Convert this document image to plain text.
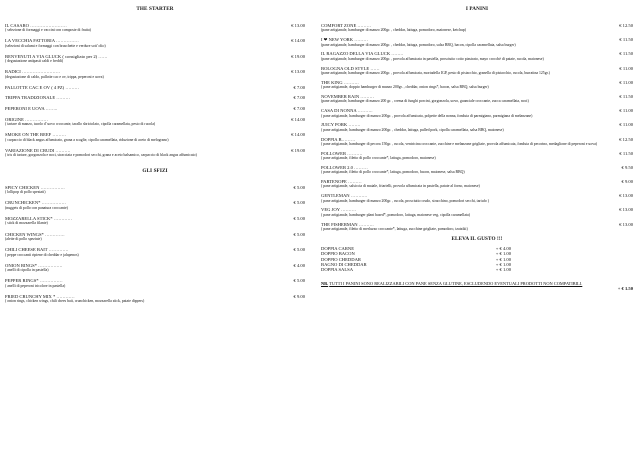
THE STARTER
IL CASARO ……………………	€ 13.00
( selezione di formaggi e vaccini con composte di frutta)
LA VECCHIA FATTORIA ……………	€ 14.00
(selezioni di salumi e formaggi con bruschette e verdure sott' olio)
BENVENUTI A VIA GLUCK ( consigliato per 2) ……	€ 19.00
( degustazione antipasti caldi e freddi)
RADICI …………………….	€ 13.00
(degustazione di caldo, pallotte cac e ov, trippa, peperoni e uova)
PALLOTTE CAC E OV ( 4 PZ) ………	€ 7.00
TRIPPA TRADIZIONALE ………	€ 7.00
PEPERONI E UOVA ……..	€ 7.00
ORIGINE ……………	€ 14.00
( tartare di manzo, tuorlo d' uovo croccante, tarallo sbriciolato, cipolla caramellata, pesto di rucola)
SMOKE ON THE BEEF ………	€ 14.00
( carpaccio di black angus affumicato, grana a scaglie, cipolla caramellata, riduzione di aceto di melograno)
VARIAZIONE DI CRUDI ……….	€ 19.00
( tris di tartare, gorgonzola e noci, stracciata e pomodori secchi, grana e aceto balsamico, carpaccio di black angus affumicato)
GLI SFIZI
SPICY CHICKEN …………….	€ 5.00
( lollipop di pollo speziati)
CRUNCHICKEN* …………….	€ 5.00
(nuggets di pollo con panatura croccante)
MOZZARELLA STICK* …………	€ 5.00
( stick di mozzarella filante)
CHICKEN WINGS* ………….	€ 5.00
(alette di pollo speziate)
CHILI CHEESE BAIT ………….	€ 5.00
( peppe croccanti ripiene di cheddar e jalapenos)
ONION RINGS* …………….	€ 4.00
( anelli di cipolla in pastella)
PEPPER RINGS* ……………	€ 5.00
( anelli di peperoni tricolore in pastella)
FRIED CRUNCHY MIX * …………	€ 9.00
( onion rings, chicken wings, chili chees bait, crunchicken, mozzarella stick, patate dippers)
I PANINI
COMFORT ZONE ………	€ 12.50
(pane artigianale, hamburger di manzo 200gr. , cheddar, lattuga, pomodoro, maionese, ketchup)
I ❤ NEW YORK ………	€ 11.50
(pane artigianale, hamburger di manzo 200gr. , cheddar, lattuga, pomodoro, salsa BBQ, bacon, cipolla caramellata, salsa burger)
IL RAGAZZO DELLA VIA GLUCK ……..	€ 11.50
(pane artigianale, hamburger di manzo 200gr. , provola affumicata in pastella, prosciutto cotto piastrato, mayo crocchè di patate, rucola, maionese)
BOLOGNA OLD STYLE ……	€ 11.00
(pane artigianale, hamburger di manzo 200gr. , provola affumicata, mortadella IGP, pesto di pistacchio, granella di pistacchio, rucola, burratina 125gr.)
THE KING ……….	€ 11.00
( pane artigianale, doppio hamburger di manzo 200gr. , cheddar, onion rings*, bacon, salsa BBQ, salsa burger)
NOVEMBER RAIN ………	€ 11.50
(pane artigianale, hamburger di manzo 200 gr. , crema di funghi porcini, gorgonzola, uovo, guanciale croccante, zucca caramellata, noci)
CASA DI NONNA ……….	€ 11.00
( pane artigianale, hamburger di manzo 200gr. , provola affumicata, polpette della nonna, fonduta di parmigiano, parmigiana di melanzane)
JUICY PORK ……..	€ 11.00
( pane artigianale, hamburger di manzo 200gr. , cheddar, lattuga, pulled pork, cipolla caramellata, salsa BBQ, maionese)
DOPPIA B………	€ 12.50
( pane artigianale, hamburger di pecora 150gr. , rucola, ventricina croccante, zucchine e melanzane grigliate, provola affumicata, fonduta di pecorino, medaglione di peperoni e uova)
POLLOWER ……….	€ 11.50
( pane artigianale, filetto di pollo croccante*, lattuga, pomodoro, maionese)
POLLOWER 2.0 ………	€ 9.50
( pane artigianale, filetto di pollo croccante*, lattuga, pomodoro, bacon, maionese, salsa BBQ)
PARTENOPE ………	€ 9.00
( pane artigianale, salsiccia di maiale, friarielli, provola affumicata in pastella, patate al forno, maionese)
GENTLEMAN ………..	€ 13.00
( pane artigianale, hamburger di manzo 200gr. , rucola, prosciutto crudo, stracchino, pomodori secchi, tartufo )
VEG JOY ……….	€ 13.00
( pane artigianale, hamburger plant based*, pomodoro, lattuga, maionese veg, cipolla caramellata)
THE FISHERMAN ……….	€ 13.00
( pane artigianale, filetto di merluzzo croccante*, lattuga, zucchine grigliate, pomodoro, tzatziki)
ELEVA IL GUSTO !!!
DOPPIA CARNE	+ € 4.00
DOPPIO BACON	+ € 1.00
DOPPIO CHEDDAR	+ € 1.00
BAGNO DI CHEDDAR	+ € 1.00
DOPPIA SALSA	+ € 1.00
NB. TUTTI I PANINI SONO REALIZZABILI CON PANE SENZA GLUTINE, ESCLUDENDO EVENTUALI PRODOTTI NON COMPATIBILI.
+ € 1.50
